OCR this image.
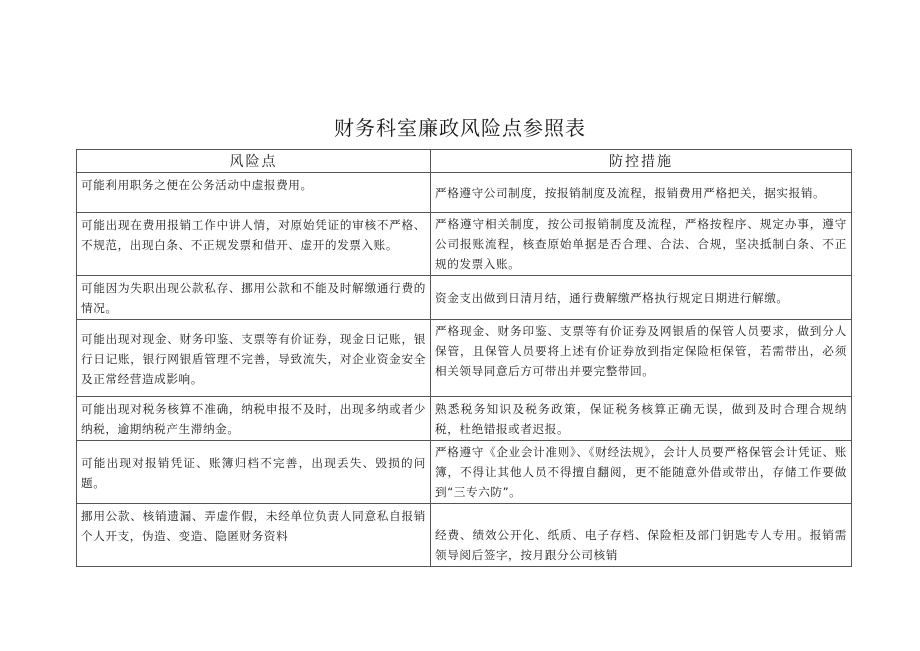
财务科室廉政风险点参照表
风险点	防控措施
可能利用职务之便在公务活动中虚报费用。	严格遵守公司制度，按报销制度及流程，报销费用严格把关，据实报销。
可能出现在费用报销工作中讲人情，对原始凭证的审核不严格、不规范，出现白条、不正规发票和借开、虚开的发票入账。	严格遵守相关制度，按公司报销制度及流程，严格按程序、规定办事，遵守公司报账流程，核查原始单据是否合理、合法、合规，坚决抵制白条、不正规的发票入账。
可能因为失职出现公款私存、挪用公款和不能及时解缴通行费的情况。	资金支出做到日清月结，通行费解缴严格执行规定日期进行解缴。
可能出现对现金、财务印鉴、支票等有价证券，现金日记账，银行日记账，银行网银盾管理不完善，导致流失，对企业资金安全及正常经营造成影响。	严格现金、财务印鉴、支票等有价证券及网银盾的保管人员要求，做到分人保管，且保管人员要将上述有价证券放到指定保险柜保管，若需带出，必须相关领导同意后方可带出并要完整带回。
可能出现对税务核算不准确，纳税申报不及时，出现多纳或者少纳税，逾期纳税产生滞纳金。	熟悉税务知识及税务政策，保证税务核算正确无误，做到及时合理合规纳税，杜绝错报或者迟报。
可能出现对报销凭证、账簿归档不完善，出现丢失、毁损的问题。	严格遵守《企业会计准则》、《财经法规》，会计人员要严格保管会计凭证、账簿，不得让其他人员不得擅自翻阅，更不能随意外借或带出，存储工作要做到“三专六防”。
挪用公款、核销遗漏、弄虚作假，未经单位负责人同意私自报销个人开支，伪造、变造、隐匿财务资料	经费、绩效公开化、纸质、电子存档、保险柜及部门钥匙专人专用。报销需领导阅后签字，按月跟分公司核销
